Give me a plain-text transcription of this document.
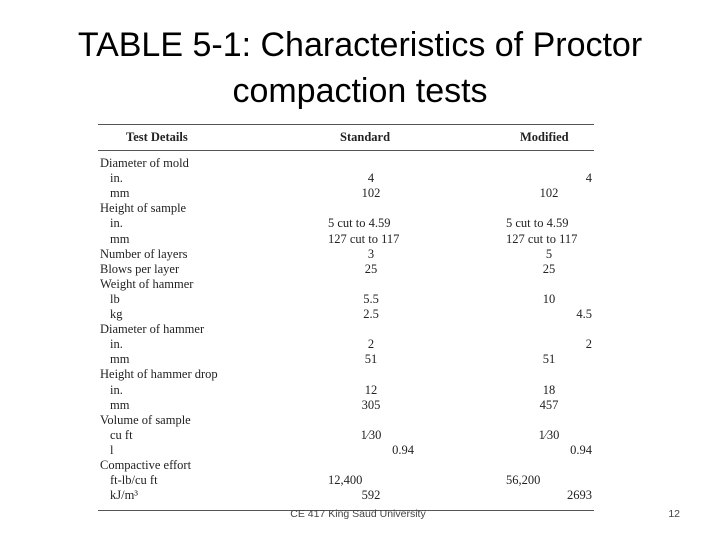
TABLE 5-1: Characteristics of Proctor
compaction tests
Test Details	Standard	Modified
Diameter of mold
in.	4	4
mm	102	102
Height of sample
in.	5 cut to 4.59	5 cut to 4.59
mm	127 cut to 117	127 cut to 117
Number of layers	3	5
Blows per layer	25	25
Weight of hammer
lb	5.5	10
kg	2.5	4.5
Diameter of hammer
in.	2	2
mm	51	51
Height of hammer drop
in.	12	18
mm	305	457
Volume of sample
cu ft	1⁄30	1⁄30
l	0.94	0.94
Compactive effort
ft-lb/cu ft	12,400	56,200
kJ/m³	592	2693
CE 417 King Saud University	12
